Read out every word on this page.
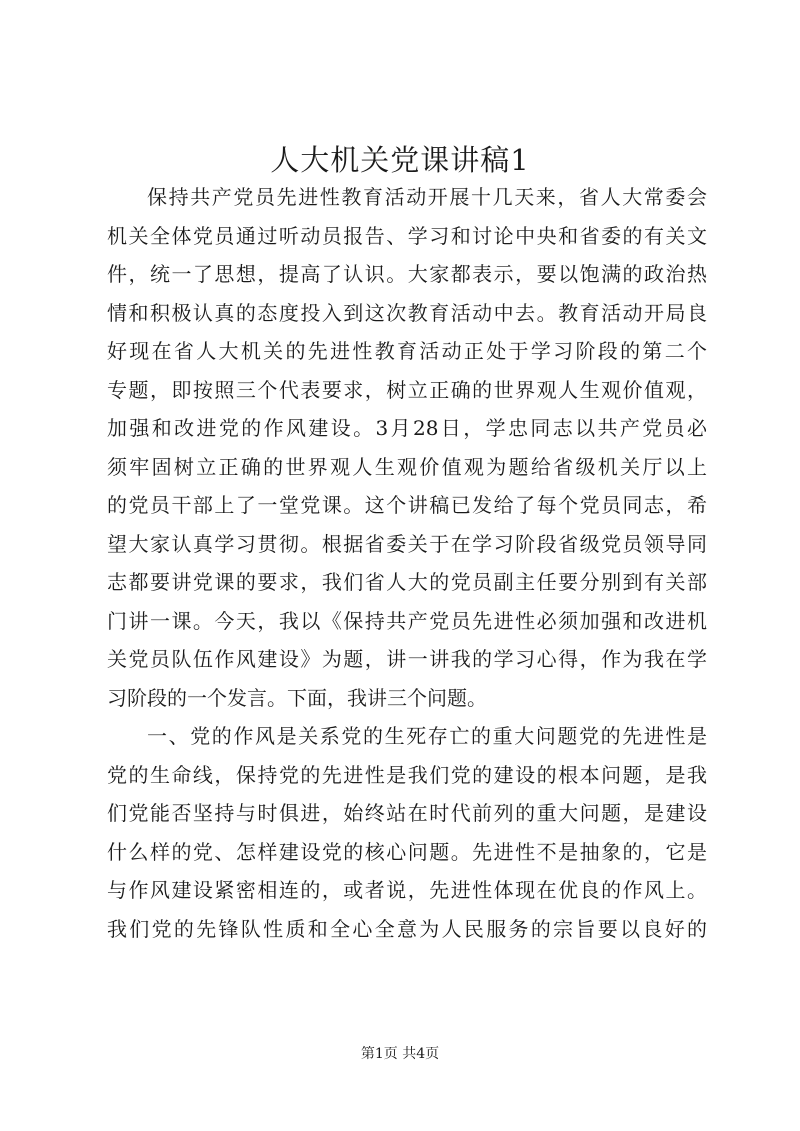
人大机关党课讲稿1
保持共产党员先进性教育活动开展十几天来，省人大常委会
机关全体党员通过听动员报告、学习和讨论中央和省委的有关文
件，统一了思想，提高了认识。大家都表示，要以饱满的政治热
情和积极认真的态度投入到这次教育活动中去。教育活动开局良
好现在省人大机关的先进性教育活动正处于学习阶段的第二个
专题，即按照三个代表要求，树立正确的世界观人生观价值观，
加强和改进党的作风建设。3月28日，学忠同志以共产党员必
须牢固树立正确的世界观人生观价值观为题给省级机关厅以上
的党员干部上了一堂党课。这个讲稿已发给了每个党员同志，希
望大家认真学习贯彻。根据省委关于在学习阶段省级党员领导同
志都要讲党课的要求，我们省人大的党员副主任要分别到有关部
门讲一课。今天，我以《保持共产党员先进性必须加强和改进机
关党员队伍作风建设》为题，讲一讲我的学习心得，作为我在学
习阶段的一个发言。下面，我讲三个问题。
一、党的作风是关系党的生死存亡的重大问题党的先进性是
党的生命线，保持党的先进性是我们党的建设的根本问题，是我
们党能否坚持与时俱进，始终站在时代前列的重大问题，是建设
什么样的党、怎样建设党的核心问题。先进性不是抽象的，它是
与作风建设紧密相连的，或者说，先进性体现在优良的作风上。
我们党的先锋队性质和全心全意为人民服务的宗旨要以良好的
第1页 共4页
